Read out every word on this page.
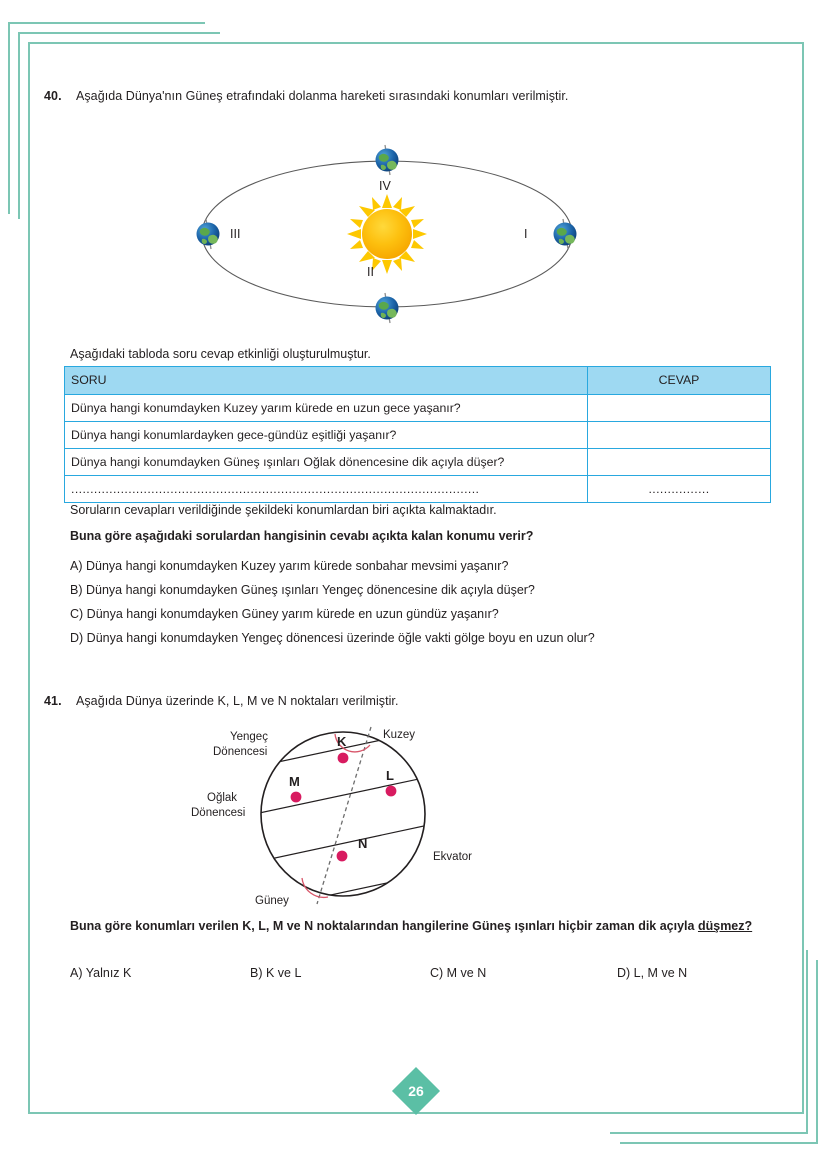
40. Aşağıda Dünya'nın Güneş etrafındaki dolanma hareketi sırasındaki konumları verilmiştir.
I
II
III
IV
Aşağıdaki tabloda soru cevap etkinliği oluşturulmuştur.
SORU	CEVAP
Dünya hangi konumdayken Kuzey yarım kürede en uzun gece yaşanır?	
Dünya hangi konumlardayken gece-gündüz eşitliği yaşanır?	
Dünya hangi konumdayken Güneş ışınları Oğlak dönencesine dik açıyla düşer?	
...........................................................................................................	................
Soruların cevapları verildiğinde şekildeki konumlardan biri açıkta kalmaktadır.
Buna göre aşağıdaki sorulardan hangisinin cevabı açıkta kalan konumu verir?
A) Dünya hangi konumdayken Kuzey yarım kürede sonbahar mevsimi yaşanır?
B) Dünya hangi konumdayken Güneş ışınları Yengeç dönencesine dik açıyla düşer?
C) Dünya hangi konumdayken Güney yarım kürede en uzun gündüz yaşanır?
D) Dünya hangi konumdayken Yengeç dönencesi üzerinde öğle vakti gölge boyu en uzun olur?
41. Aşağıda Dünya üzerinde K, L, M ve N noktaları verilmiştir.
K
M	L
N
Yengeç
Dönencesi
Oğlak
Dönencesi
Kuzey
Ekvator
Güney
Buna göre konumları verilen K, L, M ve N noktalarından hangilerine Güneş ışınları hiçbir zaman dik açıyla düşmez?
A) Yalnız K	B) K ve L	C) M ve N	D) L, M ve N
26
